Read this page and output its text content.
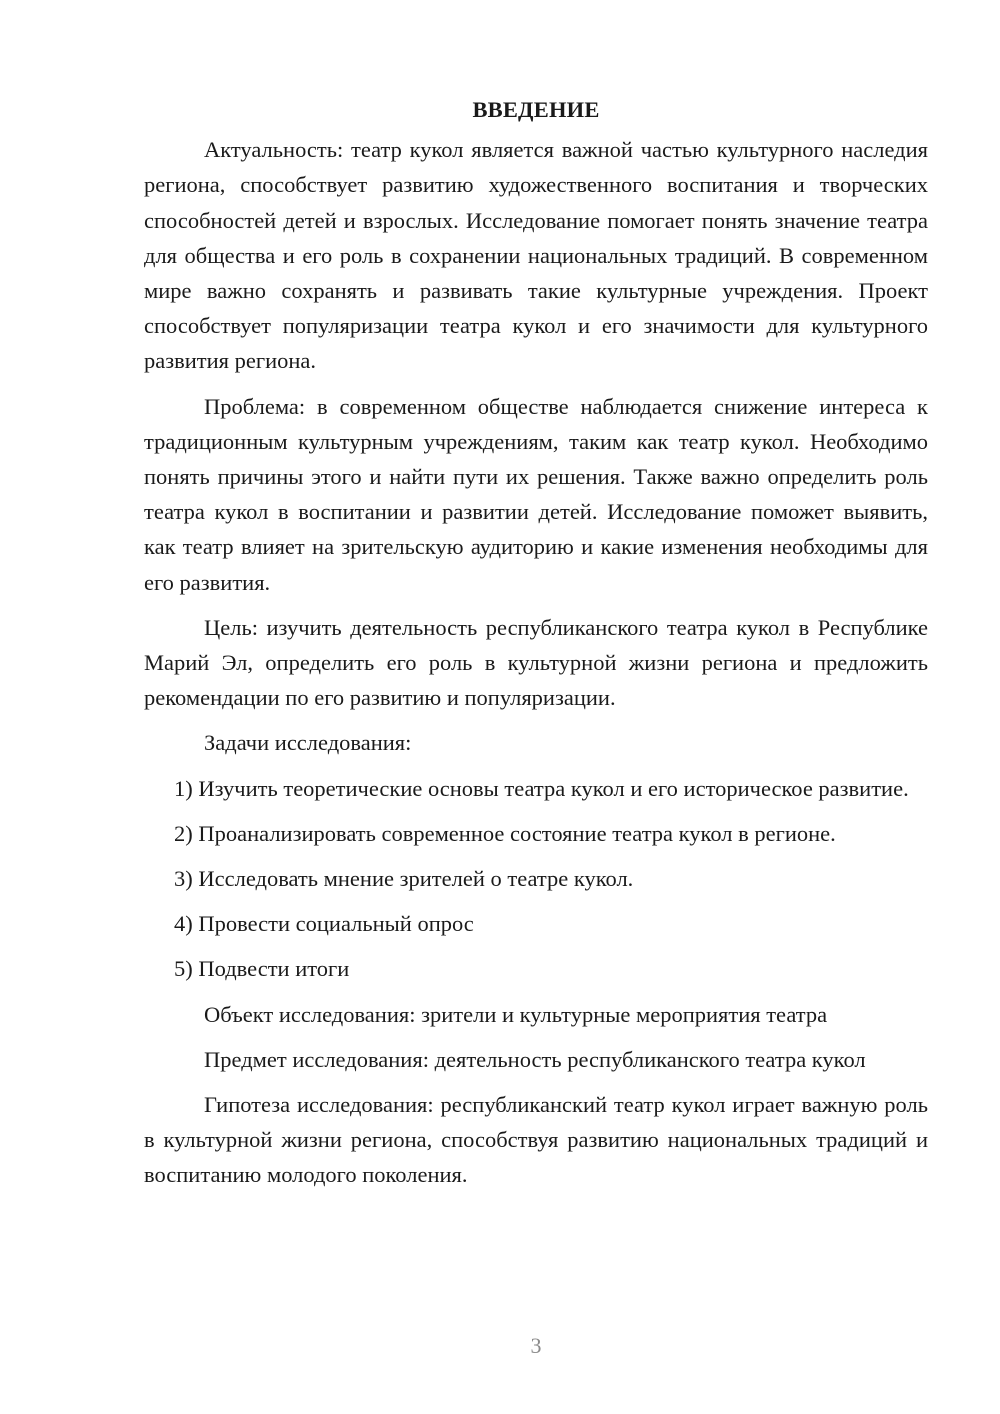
ВВЕДЕНИЕ

Актуальность: театр кукол является важной частью культурного наследия региона, способствует развитию художественного воспитания и творческих способностей детей и взрослых. Исследование помогает понять значение театра для общества и его роль в сохранении национальных традиций. В современном мире важно сохранять и развивать такие культурные учреждения. Проект способствует популяризации театра кукол и его значимости для культурного развития региона.

Проблема: в современном обществе наблюдается снижение интереса к традиционным культурным учреждениям, таким как театр кукол. Необходимо понять причины этого и найти пути их решения. Также важно определить роль театра кукол в воспитании и развитии детей. Исследование поможет выявить, как театр влияет на зрительскую аудиторию и какие изменения необходимы для его развития.

Цель: изучить деятельность республиканского театра кукол в Республике Марий Эл, определить его роль в культурной жизни региона и предложить рекомендации по его развитию и популяризации.

Задачи исследования:

1) Изучить теоретические основы театра кукол и его историческое развитие.

2) Проанализировать современное состояние театра кукол в регионе.

3) Исследовать мнение зрителей о театре кукол.

4) Провести социальный опрос

5) Подвести итоги

Объект исследования: зрители и культурные мероприятия театра

Предмет исследования: деятельность республиканского театра кукол

Гипотеза исследования: республиканский театр кукол играет важную роль в культурной жизни региона, способствуя развитию национальных традиций и воспитанию молодого поколения.

3
